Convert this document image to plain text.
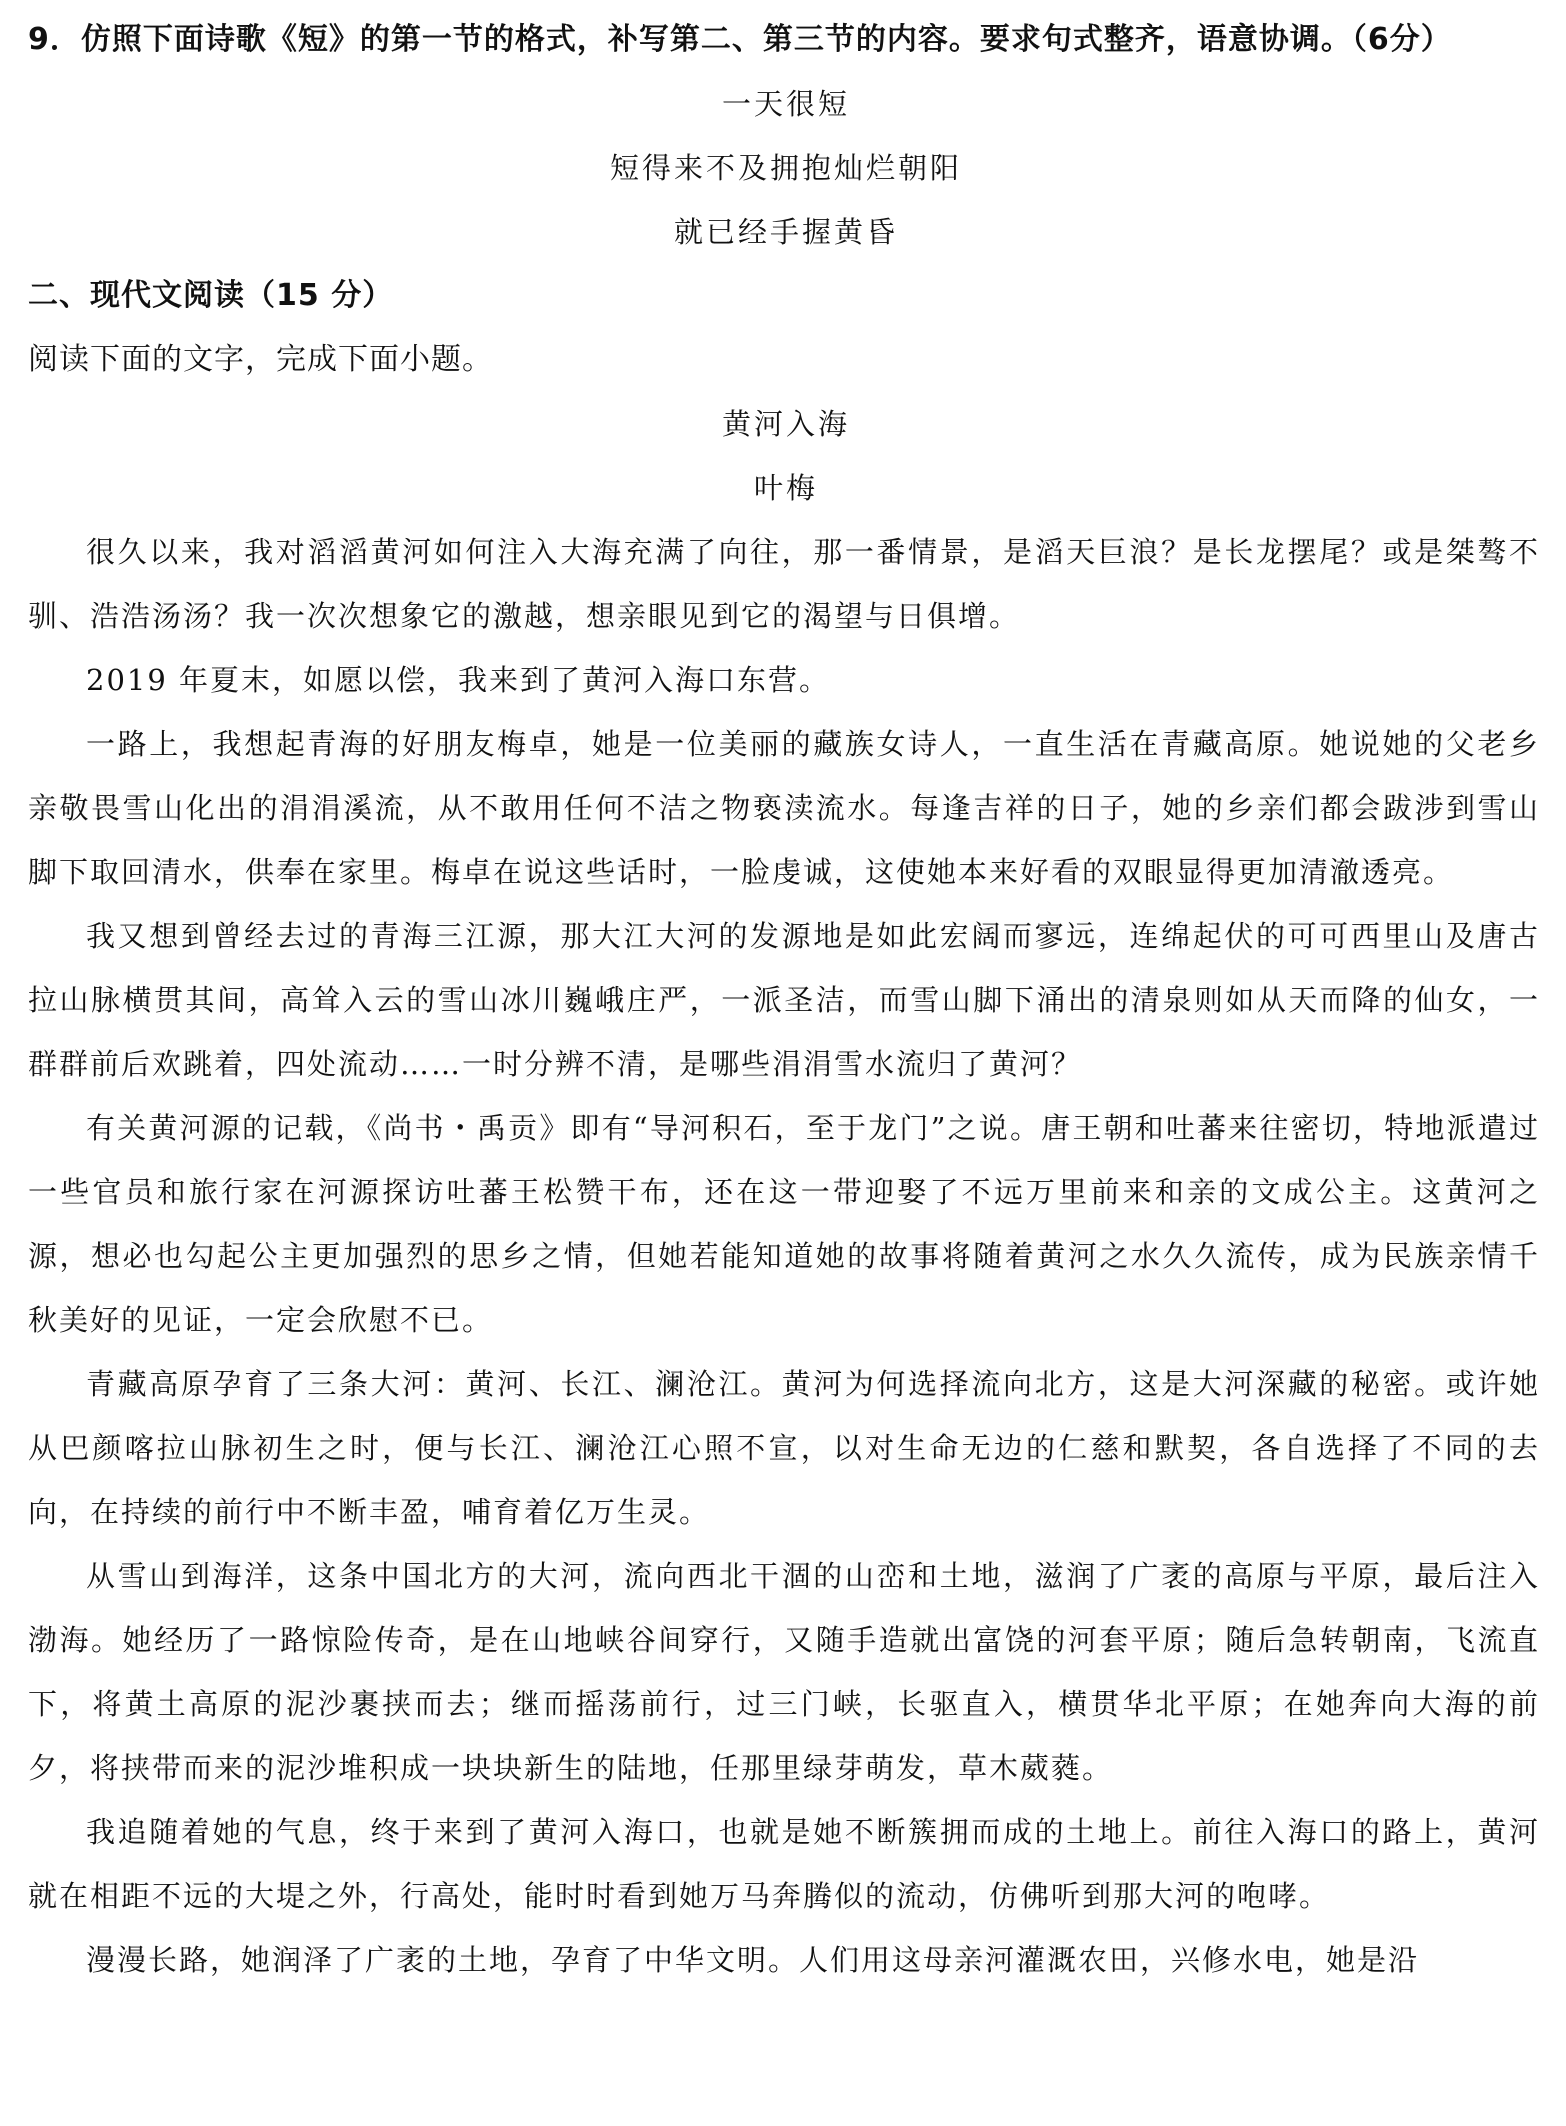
9．仿照下面诗歌《短》的第一节的格式，补写第二、第三节的内容。要求句式整齐，语意协调。（6分）
一天很短
短得来不及拥抱灿烂朝阳
就已经手握黄昏
二、现代文阅读（15 分）
阅读下面的文字，完成下面小题。
黄河入海
叶梅

很久以来，我对滔滔黄河如何注入大海充满了向往，那一番情景，是滔天巨浪？是长龙摆尾？或是桀骜不驯、浩浩汤汤？我一次次想象它的激越，想亲眼见到它的渴望与日俱增。

2019 年夏末，如愿以偿，我来到了黄河入海口东营。

一路上，我想起青海的好朋友梅卓，她是一位美丽的藏族女诗人，一直生活在青藏高原。她说她的父老乡亲敬畏雪山化出的涓涓溪流，从不敢用任何不洁之物亵渎流水。每逢吉祥的日子，她的乡亲们都会跋涉到雪山脚下取回清水，供奉在家里。梅卓在说这些话时，一脸虔诚，这使她本来好看的双眼显得更加清澈透亮。

我又想到曾经去过的青海三江源，那大江大河的发源地是如此宏阔而寥远，连绵起伏的可可西里山及唐古拉山脉横贯其间，高耸入云的雪山冰川巍峨庄严，一派圣洁，而雪山脚下涌出的清泉则如从天而降的仙女，一群群前后欢跳着，四处流动……一时分辨不清，是哪些涓涓雪水流归了黄河？

有关黄河源的记载，《尚书・禹贡》即有“导河积石，至于龙门”之说。唐王朝和吐蕃来往密切，特地派遣过一些官员和旅行家在河源探访吐蕃王松赞干布，还在这一带迎娶了不远万里前来和亲的文成公主。这黄河之源，想必也勾起公主更加强烈的思乡之情，但她若能知道她的故事将随着黄河之水久久流传，成为民族亲情千秋美好的见证，一定会欣慰不已。

青藏高原孕育了三条大河：黄河、长江、澜沧江。黄河为何选择流向北方，这是大河深藏的秘密。或许她从巴颜喀拉山脉初生之时，便与长江、澜沧江心照不宣，以对生命无边的仁慈和默契，各自选择了不同的去向，在持续的前行中不断丰盈，哺育着亿万生灵。

从雪山到海洋，这条中国北方的大河，流向西北干涸的山峦和土地，滋润了广袤的高原与平原，最后注入渤海。她经历了一路惊险传奇，是在山地峡谷间穿行，又随手造就出富饶的河套平原；随后急转朝南，飞流直下，将黄土高原的泥沙裹挟而去；继而摇荡前行，过三门峡，长驱直入，横贯华北平原；在她奔向大海的前夕，将挟带而来的泥沙堆积成一块块新生的陆地，任那里绿芽萌发，草木葳蕤。

我追随着她的气息，终于来到了黄河入海口，也就是她不断簇拥而成的土地上。前往入海口的路上，黄河就在相距不远的大堤之外，行高处，能时时看到她万马奔腾似的流动，仿佛听到那大河的咆哮。

漫漫长路，她润泽了广袤的土地，孕育了中华文明。人们用这母亲河灌溉农田，兴修水电，她是沿
